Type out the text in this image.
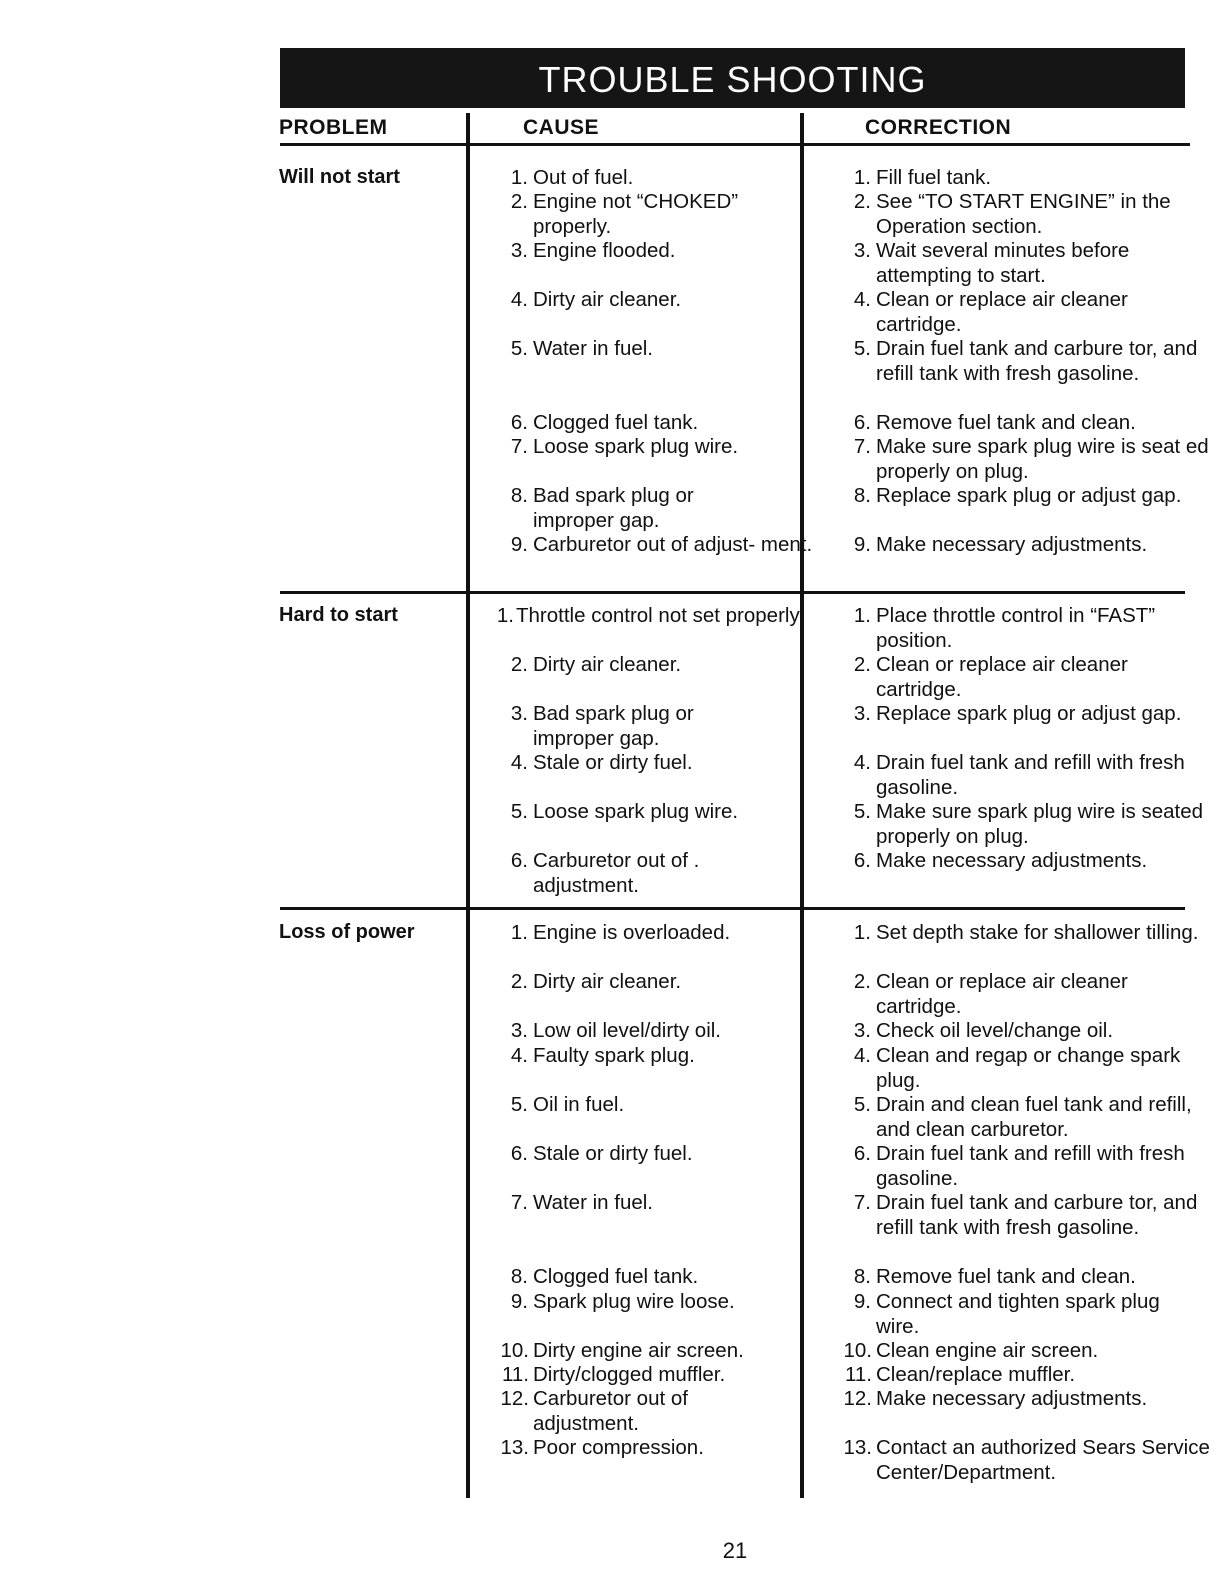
TROUBLE SHOOTING
PROBLEM	CAUSE	CORRECTION
Will not start
Hard to start
Loss of power
1. Out of fuel.
2. Engine not “CHOKED” properly.
3. Engine flooded.
4. Dirty air cleaner.
5. Water in fuel.
6. Clogged fuel tank.
7. Loose spark plug wire.
8. Bad spark plug or improper gap.
9. Carburetor out of adjust- ment.
1. Fill fuel tank.
2. See “TO START ENGINE” in the Operation section.
3. Wait several minutes before attempting to start.
4. Clean or replace air cleaner cartridge.
5. Drain fuel tank and carbure tor, and refill tank with fresh gasoline.
6. Remove fuel tank and clean.
7. Make sure spark plug wire is seat ed properly on plug.
8. Replace spark plug or adjust gap.
9. Make necessary adjustments.
1. Throttle control not set properly.
2. Dirty air cleaner.
3. Bad spark plug or improper gap.
4. Stale or dirty fuel.
5. Loose spark plug wire.
6. Carburetor out of . adjustment.
1. Place throttle control in “FAST” position.
2. Clean or replace air cleaner cartridge.
3. Replace spark plug or adjust gap.
4. Drain fuel tank and refill with fresh gasoline.
5. Make sure spark plug wire is seated properly on plug.
6. Make necessary adjustments.
1. Engine is overloaded.
2. Dirty air cleaner.
3. Low oil level/dirty oil.
4. Faulty spark plug.
5. Oil in fuel.
6. Stale or dirty fuel.
7. Water in fuel.
8. Clogged fuel tank.
9. Spark plug wire loose.
10. Dirty engine air screen.
11. Dirty/clogged muffler.
12. Carburetor out of adjustment.
13. Poor compression.
1. Set depth stake for shallower tilling.
2. Clean or replace air cleaner cartridge.
3. Check oil level/change oil.
4. Clean and regap or change spark plug.
5. Drain and clean fuel tank and refill, and clean carburetor.
6. Drain fuel tank and refill with fresh gasoline.
7. Drain fuel tank and carbure tor, and refill tank with fresh gasoline.
8. Remove fuel tank and clean.
9. Connect and tighten spark plug wire.
10. Clean engine air screen.
11. Clean/replace muffler.
12. Make necessary adjustments.
13. Contact an authorized Sears Service Center/Department.
21
